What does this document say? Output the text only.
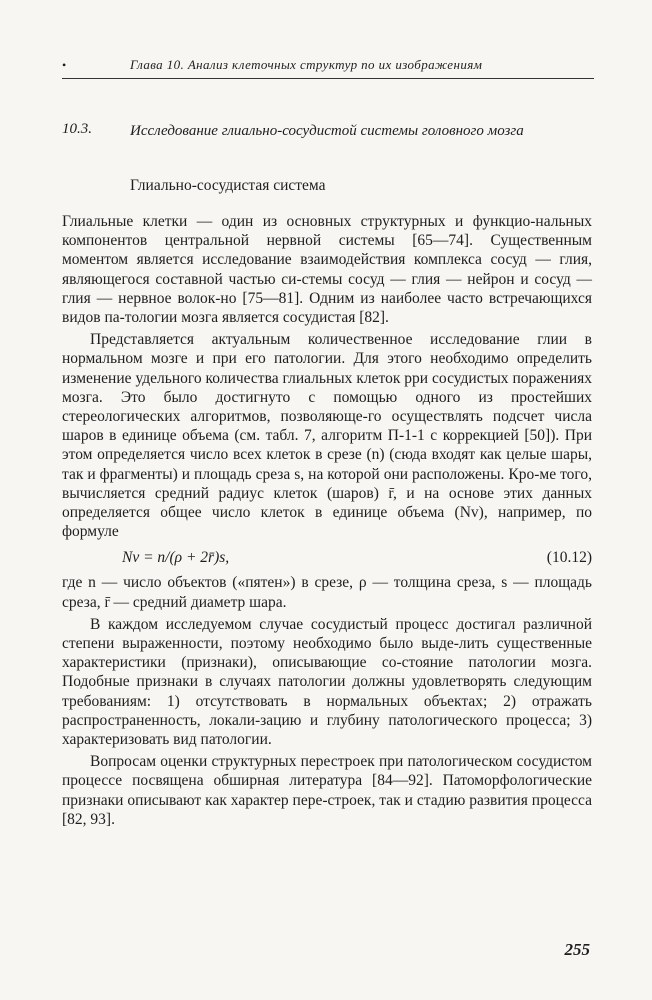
•	Глава 10. Анализ клеточных структур по их изображениям
10.3.	Исследование глиально-сосудистой системы головного мозга
Глиально-сосудистая система

Глиальные клетки — один из основных структурных и функцио-нальных компонентов центральной нервной системы [65—74]. Существенным моментом является исследование взаимодействия комплекса сосуд — глия, являющегося составной частью си-стемы сосуд — глия — нейрон и сосуд — глия — нервное волок-но [75—81]. Одним из наиболее часто встречающихся видов па-тологии мозга является сосудистая [82].

Представляется актуальным количественное исследование глии в нормальном мозге и при его патологии. Для этого необходимо определить изменение удельного количества глиальных клеток рри сосудистых поражениях мозга. Это было достигнуто с помощью одного из простейших стереологических алгоритмов, позволяюще-го осуществлять подсчет числа шаров в единице объема (см. табл. 7, алгоритм П-1-1 с коррекцией [50]). При этом определяется число всех клеток в срезе (n) (сюда входят как целые шары, так и фрагменты) и площадь среза s, на которой они расположены. Кро-ме того, вычисляется средний радиус клеток (шаров) r̄, и на основе этих данных определяется общее число клеток в единице объема (Nv), например, по формуле

Nv = n/(ρ + 2r̄)s,	(10.12)

где n — число объектов («пятен») в срезе, ρ — толщина среза, s — площадь среза, r̄ — средний диаметр шара.

В каждом исследуемом случае сосудистый процесс достигал различной степени выраженности, поэтому необходимо было выде-лить существенные характеристики (признаки), описывающие со-стояние патологии мозга. Подобные признаки в случаях патологии должны удовлетворять следующим требованиям: 1) отсутствовать в нормальных объектах; 2) отражать распространенность, локали-зацию и глубину патологического процесса; 3) характеризовать вид патологии.

Вопросам оценки структурных перестроек при патологическом сосудистом процессе посвящена обширная литература [84—92]. Патоморфологические признаки описывают как характер пере-строек, так и стадию развития процесса [82, 93].

255
